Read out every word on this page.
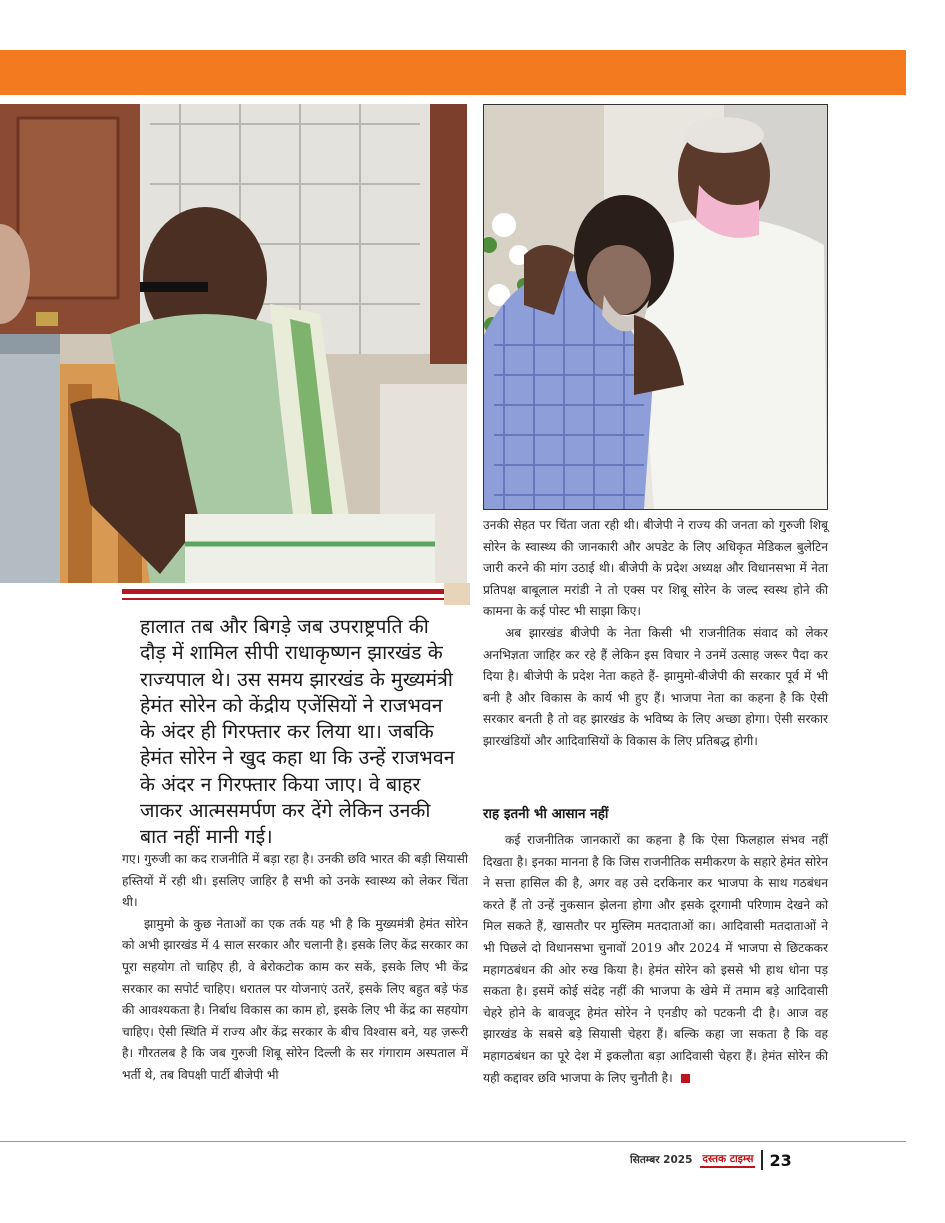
हालात तब और बिगड़े जब उपराष्ट्रपति की दौड़ में शामिल सीपी राधाकृष्णन झारखंड के राज्यपाल थे। उस समय झारखंड के मुख्यमंत्री हेमंत सोरेन को केंद्रीय एजेंसियों ने राजभवन के अंदर ही गिरफ्तार कर लिया था। जबकि हेमंत सोरेन ने खुद कहा था कि उन्हें राजभवन के अंदर न गिरफ्तार किया जाए। वे बाहर जाकर आत्मसमर्पण कर देंगे लेकिन उनकी बात नहीं मानी गई।

गए। गुरुजी का कद राजनीति में बड़ा रहा है। उनकी छवि भारत की बड़ी सियासी हस्तियों में रही थी। इसलिए जाहिर है सभी को उनके स्वास्थ्य को लेकर चिंता थी।

झामुमो के कुछ नेताओं का एक तर्क यह भी है कि मुख्यमंत्री हेमंत सोरेन को अभी झारखंड में 4 साल सरकार और चलानी है। इसके लिए केंद्र सरकार का पूरा सहयोग तो चाहिए ही, वे बेरोकटोक काम कर सकें, इसके लिए भी केंद्र सरकार का सपोर्ट चाहिए। धरातल पर योजनाएं उतरें, इसके लिए बहुत बड़े फंड की आवश्यकता है। निर्बाध विकास का काम हो, इसके लिए भी केंद्र का सहयोग चाहिए। ऐसी स्थिति में राज्य और केंद्र सरकार के बीच विश्वास बने, यह ज़रूरी है। गौरतलब है कि जब गुरुजी शिबू सोरेन दिल्ली के सर गंगाराम अस्पताल में भर्ती थे, तब विपक्षी पार्टी बीजेपी भी

उनकी सेहत पर चिंता जता रही थी। बीजेपी ने राज्य की जनता को गुरुजी शिबू सोरेन के स्वास्थ्य की जानकारी और अपडेट के लिए अधिकृत मेडिकल बुलेटिन जारी करने की मांग उठाई थी। बीजेपी के प्रदेश अध्यक्ष और विधानसभा में नेता प्रतिपक्ष बाबूलाल मरांडी ने तो एक्स पर शिबू सोरेन के जल्द स्वस्थ होने की कामना के कई पोस्ट भी साझा किए।

अब झारखंड बीजेपी के नेता किसी भी राजनीतिक संवाद को लेकर अनभिज्ञता जाहिर कर रहे हैं लेकिन इस विचार ने उनमें उत्साह जरूर पैदा कर दिया है। बीजेपी के प्रदेश नेता कहते हैं- झामुमो-बीजेपी की सरकार पूर्व में भी बनी है और विकास के कार्य भी हुए हैं। भाजपा नेता का कहना है कि ऐसी सरकार बनती है तो वह झारखंड के भविष्य के लिए अच्छा होगा। ऐसी सरकार झारखंडियों और आदिवासियों के विकास के लिए प्रतिबद्ध होगी।

राह इतनी भी आसान नहीं

कई राजनीतिक जानकारों का कहना है कि ऐसा फिलहाल संभव नहीं दिखता है। इनका मानना है कि जिस राजनीतिक समीकरण के सहारे हेमंत सोरेन ने सत्ता हासिल की है, अगर वह उसे दरकिनार कर भाजपा के साथ गठबंधन करते हैं तो उन्हें नुकसान झेलना होगा और इसके दूरगामी परिणाम देखने को मिल सकते हैं, खासतौर पर मुस्लिम मतदाताओं का। आदिवासी मतदाताओं ने भी पिछले दो विधानसभा चुनावों 2019 और 2024 में भाजपा से छिटककर महागठबंधन की ओर रुख किया है। हेमंत सोरेन को इससे भी हाथ धोना पड़ सकता है। इसमें कोई संदेह नहीं की भाजपा के खेमे में तमाम बड़े आदिवासी चेहरे होने के बावजूद हेमंत सोरेन ने एनडीए को पटकनी दी है। आज वह झारखंड के सबसे बड़े सियासी चेहरा हैं। बल्कि कहा जा सकता है कि वह महागठबंधन का पूरे देश में इकलौता बड़ा आदिवासी चेहरा हैं। हेमंत सोरेन की यही कद्दावर छवि भाजपा के लिए चुनौती है।

सितम्बर 2025 दस्तक टाइम्स 23
